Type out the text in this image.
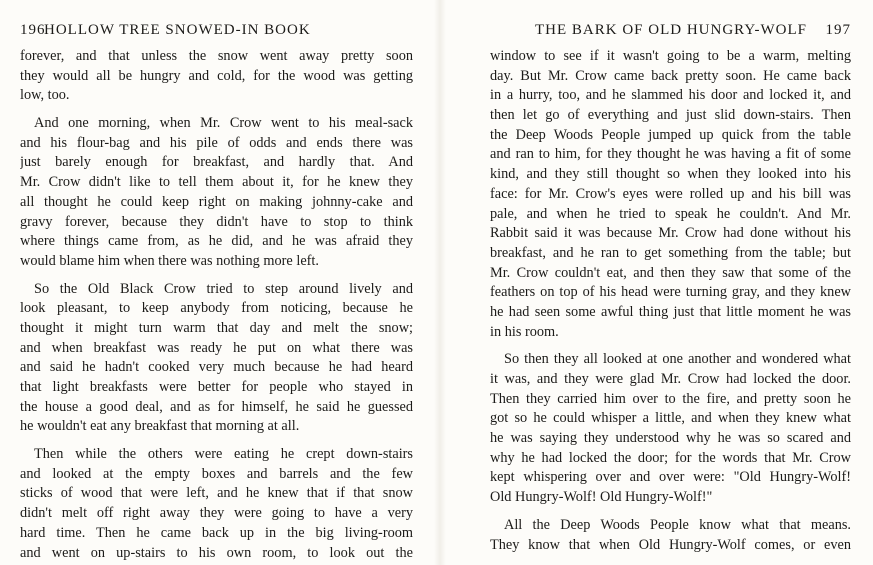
196
HOLLOW TREE SNOWED-IN BOOK
forever, and that unless the snow went away pretty soon
they would all be hungry and cold, for the wood was getting
low, too.
And one morning, when Mr. Crow went to his meal-sack
and his flour-bag and his pile of odds and ends there was
just barely enough for breakfast, and hardly that. And
Mr. Crow didn't like to tell them about it, for he knew they
all thought he could keep right on making johnny-cake and
gravy forever, because they didn't have to stop to think
where things came from, as he did, and he was afraid they
would blame him when there was nothing more left.
So the Old Black Crow tried to step around lively and
look pleasant, to keep anybody from noticing, because he
thought it might turn warm that day and melt the snow;
and when breakfast was ready he put on what there was
and said he hadn't cooked very much because he had heard
that light breakfasts were better for people who stayed in
the house a good deal, and as for himself, he said he guessed
he wouldn't eat any breakfast that morning at all.
Then while the others were eating he crept down-stairs
and looked at the empty boxes and barrels and the few
sticks of wood that were left, and he knew that if that snow
didn't melt off right away they were going to have a very
hard time. Then he came back up in the big living-room
and went on up-stairs to his own room, to look out the
THE BARK OF OLD HUNGRY-WOLF 197
window to see if it wasn't going to be a warm, melting
day. But Mr. Crow came back pretty soon. He came back
in a hurry, too, and he slammed his door and locked it, and
then let go of everything and just slid down-stairs. Then
the Deep Woods People jumped up quick from the table
and ran to him, for they thought he was having a fit of some
kind, and they still thought so when they looked into his
face: for Mr. Crow's eyes were rolled up and his bill was
pale, and when he tried to speak he couldn't. And Mr.
Rabbit said it was because Mr. Crow had done without his
breakfast, and he ran to get something from the table; but
Mr. Crow couldn't eat, and then they saw that some of the
feathers on top of his head were turning gray, and they knew
he had seen some awful thing just that little moment he was
in his room.
So then they all looked at one another and wondered what
it was, and they were glad Mr. Crow had locked the door.
Then they carried him over to the fire, and pretty soon he
got so he could whisper a little, and when they knew what
he was saying they understood why he was so scared and
why he had locked the door; for the words that Mr. Crow
kept whispering over and over were: "Old Hungry-Wolf!
Old Hungry-Wolf! Old Hungry-Wolf!"
All the Deep Woods People know what that means.
They know that when Old Hungry-Wolf comes, or even
